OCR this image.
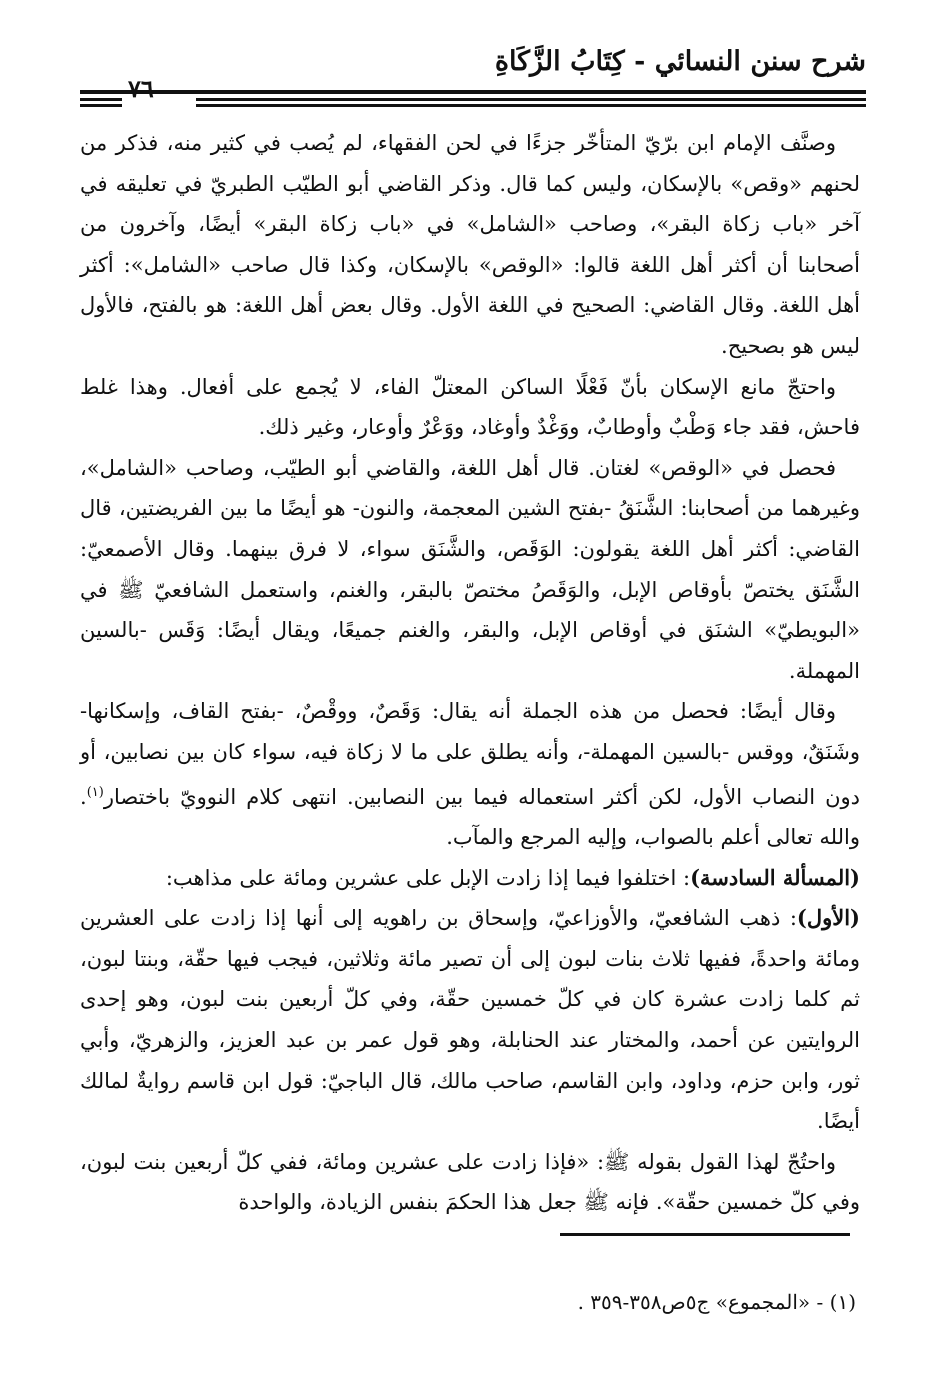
شرح سنن النسائي - كِتَابُ الزَّكَاةِ
٧٦

وصنَّف الإمام ابن برّيّ المتأخّر جزءًا في لحن الفقهاء، لم يُصب في كثير منه، فذكر من لحنهم «وقص» بالإسكان، وليس كما قال. وذكر القاضي أبو الطيّب الطبريّ في تعليقه في آخر «باب زكاة البقر»، وصاحب «الشامل» في «باب زكاة البقر» أيضًا، وآخرون من أصحابنا أن أكثر أهل اللغة قالوا: «الوقص» بالإسكان، وكذا قال صاحب «الشامل»: أكثر أهل اللغة. وقال القاضي: الصحيح في اللغة الأول. وقال بعض أهل اللغة: هو بالفتح، فالأول ليس هو بصحيح.

واحتجّ مانع الإسكان بأنّ فَعْلًا الساكن المعتلّ الفاء، لا يُجمع على أفعال. وهذا غلط فاحش، فقد جاء وَطْبٌ وأوطابٌ، ووَغْدٌ وأوغاد، ووَعْرٌ وأوعار، وغير ذلك.

فحصل في «الوقص» لغتان. قال أهل اللغة، والقاضي أبو الطيّب، وصاحب «الشامل»، وغيرهما من أصحابنا: الشَّنَقُ -بفتح الشين المعجمة، والنون- هو أيضًا ما بين الفريضتين، قال القاضي: أكثر أهل اللغة يقولون: الوَقَص، والشَّنَق سواء، لا فرق بينهما. وقال الأصمعيّ: الشَّنَق يختصّ بأوقاص الإبل، والوَقَصُ مختصّ بالبقر، والغنم، واستعمل الشافعيّ ﷺ في «البويطيّ» الشنَق في أوقاص الإبل، والبقر، والغنم جميعًا، ويقال أيضًا: وَقَس -بالسين المهملة.

وقال أيضًا: فحصل من هذه الجملة أنه يقال: وَقَصٌ، ووقْصٌ، -بفتح القاف، وإسكانها- وشَنَقٌ، ووقس -بالسين المهملة-، وأنه يطلق على ما لا زكاة فيه، سواء كان بين نصابين، أو دون النصاب الأول، لكن أكثر استعماله فيما بين النصابين. انتهى كلام النوويّ باختصار$^{(١)}$. والله تعالى أعلم بالصواب، وإليه المرجع والمآب.

(المسألة السادسة): اختلفوا فيما إذا زادت الإبل على عشرين ومائة على مذاهب:

(الأول): ذهب الشافعيّ، والأوزاعيّ، وإسحاق بن راهويه إلى أنها إذا زادت على العشرين ومائة واحدةً، ففيها ثلاث بنات لبون إلى أن تصير مائة وثلاثين، فيجب فيها حقّة، وبنتا لبون، ثم كلما زادت عشرة كان في كلّ خمسين حقّة، وفي كلّ أربعين بنت لبون، وهو إحدى الروايتين عن أحمد، والمختار عند الحنابلة، وهو قول عمر بن عبد العزيز، والزهريّ، وأبي ثور، وابن حزم، وداود، وابن القاسم، صاحب مالك، قال الباجيّ: قول ابن قاسم روايةٌ لمالك أيضًا.

واحتُجّ لهذا القول بقوله ﷺ: «فإذا زادت على عشرين ومائة، ففي كلّ أربعين بنت لبون، وفي كلّ خمسين حقّة». فإنه ﷺ جعل هذا الحكمَ بنفس الزيادة، والواحدة

(١) - «المجموع» ج٥ص٣٥٨-٣٥٩ .
